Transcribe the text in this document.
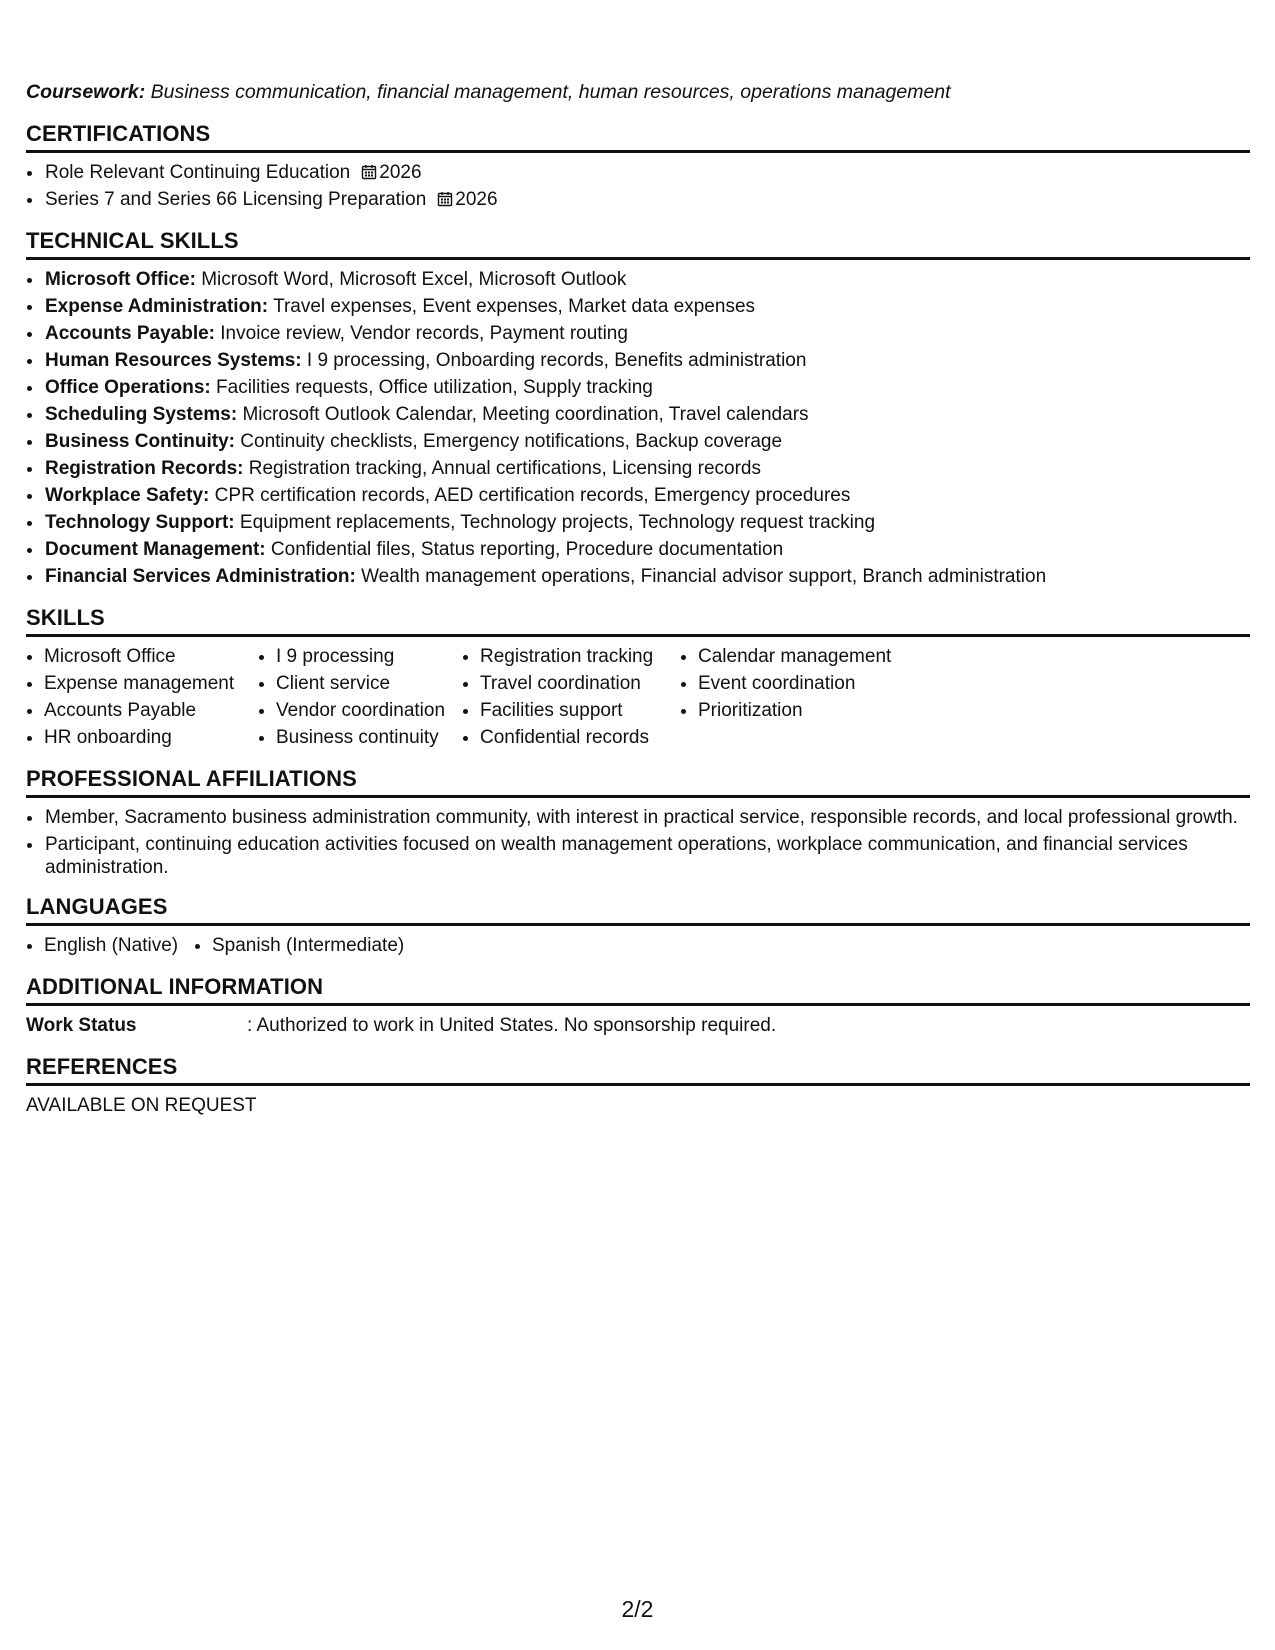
Coursework: Business communication, financial management, human resources, operations management

CERTIFICATIONS
• Role Relevant Continuing Education 2026
• Series 7 and Series 66 Licensing Preparation 2026
TECHNICAL SKILLS
• Microsoft Office: Microsoft Word, Microsoft Excel, Microsoft Outlook
• Expense Administration: Travel expenses, Event expenses, Market data expenses
• Accounts Payable: Invoice review, Vendor records, Payment routing
• Human Resources Systems: I 9 processing, Onboarding records, Benefits administration
• Office Operations: Facilities requests, Office utilization, Supply tracking
• Scheduling Systems: Microsoft Outlook Calendar, Meeting coordination, Travel calendars
• Business Continuity: Continuity checklists, Emergency notifications, Backup coverage
• Registration Records: Registration tracking, Annual certifications, Licensing records
• Workplace Safety: CPR certification records, AED certification records, Emergency procedures
• Technology Support: Equipment replacements, Technology projects, Technology request tracking
• Document Management: Confidential files, Status reporting, Procedure documentation
• Financial Services Administration: Wealth management operations, Financial advisor support, Branch administration
SKILLS
• Microsoft Office
• Expense management
• Accounts Payable
• HR onboarding
• I 9 processing
• Client service
• Vendor coordination
• Business continuity
• Registration tracking
• Travel coordination
• Facilities support
• Confidential records
• Calendar management
• Event coordination
• Prioritization
PROFESSIONAL AFFILIATIONS
• Member, Sacramento business administration community, with interest in practical service, responsible records, and local professional growth.
• Participant, continuing education activities focused on wealth management operations, workplace communication, and financial services administration.
LANGUAGES
• English (Native)
•	Spanish (Intermediate)
ADDITIONAL INFORMATION
Work Status	: Authorized to work in United States. No sponsorship required.
REFERENCES
AVAILABLE ON REQUEST
2/2
